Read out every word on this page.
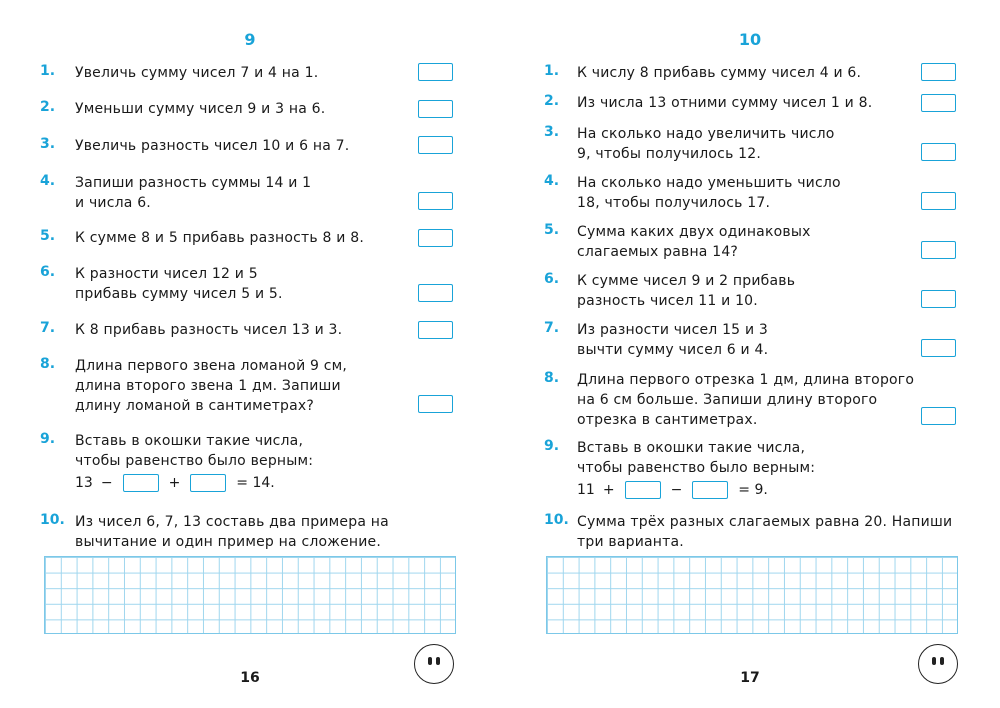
9
1.	Увеличь сумму чисел 7 и 4 на 1.
2.	Уменьши сумму чисел 9 и 3 на 6.
3.	Увеличь разность чисел 10 и 6 на 7.
4.	Запиши разность суммы 14 и 1 и числа 6.
5.	К сумме 8 и 5 прибавь разность 8 и 8.
6.	К разности чисел 12 и 5 прибавь сумму чисел 5 и 5.
7.	К 8 прибавь разность чисел 13 и 3.
8.	Длина первого звена ломаной 9 см, длина второго звена 1 дм. Запиши длину ломаной в сантиметрах?
9.	Вставь в окошки такие числа, чтобы равенство было верным:
13 −	+	= 14.
10. Из чисел 6, 7, 13 составь два примера на вычитание и один пример на сложение.
16
10
1.	К числу 8 прибавь сумму чисел 4 и 6.
2.	Из числа 13 отними сумму чисел 1 и 8.
3.	На сколько надо увеличить число 9, чтобы получилось 12.
4.	На сколько надо уменьшить число 18, чтобы получилось 17.
5.	Сумма каких двух одинаковых слагаемых равна 14?
6.	К сумме чисел 9 и 2 прибавь разность чисел 11 и 10.
7.	Из разности чисел 15 и 3 вычти сумму чисел 6 и 4.
8.	Длина первого отрезка 1 дм, длина второго на 6 см больше. Запиши длину второго отрезка в сантиметрах.
9.	Вставь в окошки такие числа, чтобы равенство было верным:
11 +	−	= 9.
10. Сумма трёх разных слагаемых равна 20. Напиши три варианта.
17
